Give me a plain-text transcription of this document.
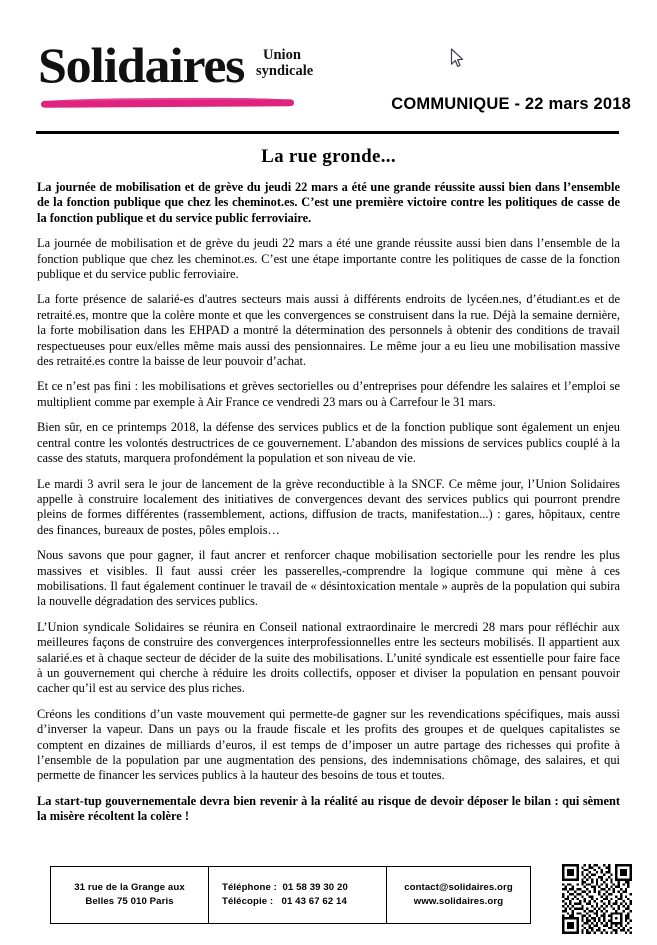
Solidaires	Union
syndicale
COMMUNIQUE - 22 mars 2018
La rue gronde...

La journée de mobilisation et de grève du jeudi 22 mars a été une grande réussite aussi bien dans l’ensemble de la fonction publique que chez les cheminot.es. C’est une première victoire contre les politiques de casse de la fonction publique et du service public ferroviaire.

La journée de mobilisation et de grève du jeudi 22 mars a été une grande réussite aussi bien dans l’ensemble de la fonction publique que chez les cheminot.es. C’est une étape importante contre les politiques de casse de la fonction publique et du service public ferroviaire.

La forte présence de salarié-es d'autres secteurs mais aussi à différents endroits de lycéen.nes, d’étudiant.es et de retraité.es, montre que la colère monte et que les convergences se construisent dans la rue. Déjà la semaine dernière, la forte mobilisation dans les EHPAD a montré la détermination des personnels à obtenir des conditions de travail respectueuses pour eux/elles même mais aussi des pensionnaires. Le même jour a eu lieu une mobilisation massive des retraité.es contre la baisse de leur pouvoir d’achat.

Et ce n’est pas fini : les mobilisations et grèves sectorielles ou d’entreprises pour défendre les salaires et l’emploi se multiplient comme par exemple à Air France ce vendredi 23 mars ou à Carrefour le 31 mars.

Bien sûr, en ce printemps 2018, la défense des services publics et de la fonction publique sont également un enjeu central contre les volontés destructrices de ce gouvernement. L’abandon des missions de services publics couplé à la casse des statuts, marquera profondément la population et son niveau de vie.

Le mardi 3 avril sera le jour de lancement de la grève reconductible à la SNCF. Ce même jour, l’Union Solidaires appelle à construire localement des initiatives de convergences devant des services publics qui pourront prendre pleins de formes différentes (rassemblement, actions, diffusion de tracts, manifestation...) : gares, hôpitaux, centre des finances, bureaux de postes, pôles emplois…

Nous savons que pour gagner, il faut ancrer et renforcer chaque mobilisation sectorielle pour les rendre les plus massives et visibles. Il faut aussi créer les passerelles,-comprendre la logique commune qui mène à ces mobilisations. Il faut également continuer le travail de « désintoxication mentale » auprès de la population qui subira la nouvelle dégradation des services publics.

L’Union syndicale Solidaires se réunira en Conseil national extraordinaire le mercredi 28 mars pour réfléchir aux meilleures façons de construire des convergences interprofessionnelles entre les secteurs mobilisés. Il appartient aux salarié.es et à chaque secteur de décider de la suite des mobilisations. L’unité syndicale est essentielle pour faire face à un gouvernement qui cherche à réduire les droits collectifs, opposer et diviser la population en pensant pouvoir cacher qu’il est au service des plus riches.

Créons les conditions d’un vaste mouvement qui permette-de gagner sur les revendications spécifiques, mais aussi d’inverser la vapeur. Dans un pays ou la fraude fiscale et les profits des groupes et de quelques capitalistes se comptent en dizaines de milliards d’euros, il est temps de d’imposer un autre partage des richesses qui profite à l’ensemble de la population par une augmentation des pensions, des indemnisations chômage, des salaires, et qui permette de financer les services publics à la hauteur des besoins de tous et toutes.

La start-tup gouvernementale devra bien revenir à la réalité au risque de devoir déposer le bilan : qui sèment la misère récoltent la colère !

31 rue de la Grange aux
Belles 75 010 Paris
Téléphone :  01 58 39 30 20
Télécopie :   01 43 67 62 14
contact@solidaires.org
www.solidaires.org
